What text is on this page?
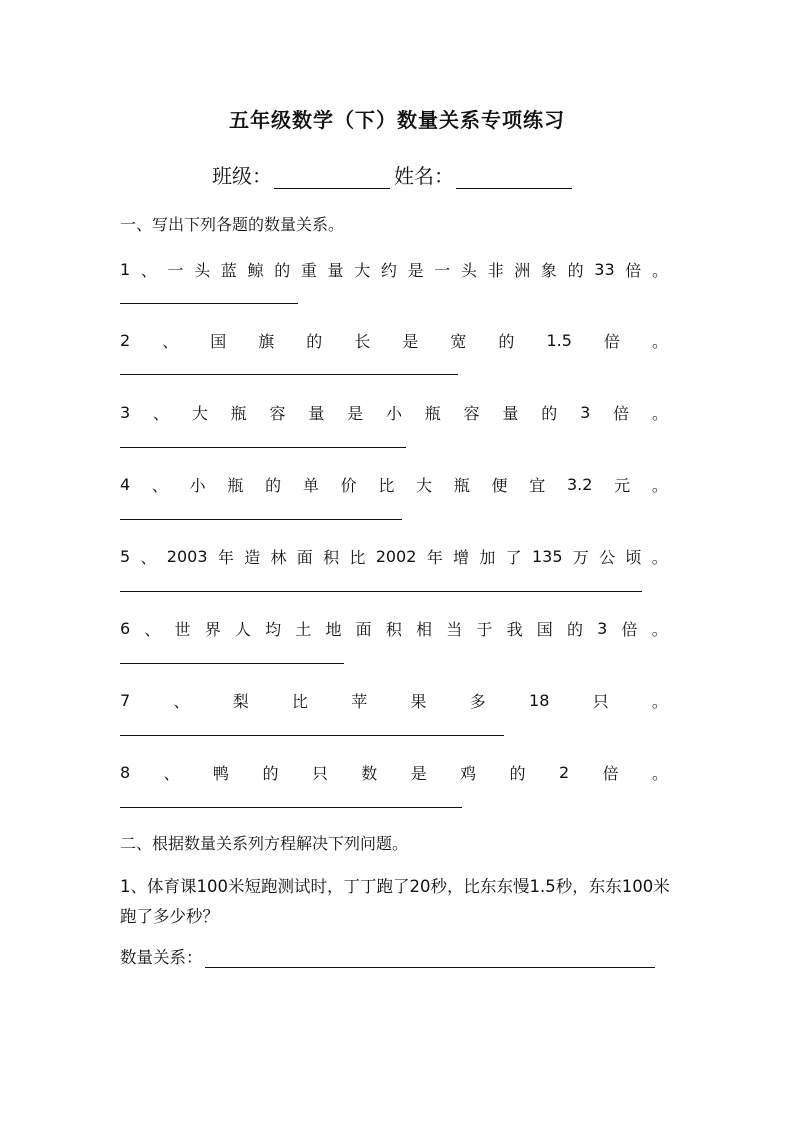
五年级数学（下）数量关系专项练习
班级：	姓名：
一、写出下列各题的数量关系。
1 、 一 头 蓝 鲸 的 重 量 大 约 是 一 头 非 洲 象 的 33 倍 。
2 、 国 旗 的 长 是 宽 的 1.5 倍 。
3 、 大 瓶 容 量 是 小 瓶 容 量 的 3 倍 。
4 、 小 瓶 的 单 价 比 大 瓶 便 宜 3.2 元 。
5 、 2003 年 造 林 面 积 比 2002 年 增 加 了 135 万 公 顷 。
6 、 世 界 人 均 土 地 面 积 相 当 于 我 国 的 3 倍 。
7	、	梨	比	苹	果	多	18	只	。
8 、 鸭 的 只 数 是 鸡 的 2 倍 。
二、根据数量关系列方程解决下列问题。
1、体育课100米短跑测试时，丁丁跑了20秒，比东东慢1.5秒，东东100米跑了多少秒？
数量关系：
